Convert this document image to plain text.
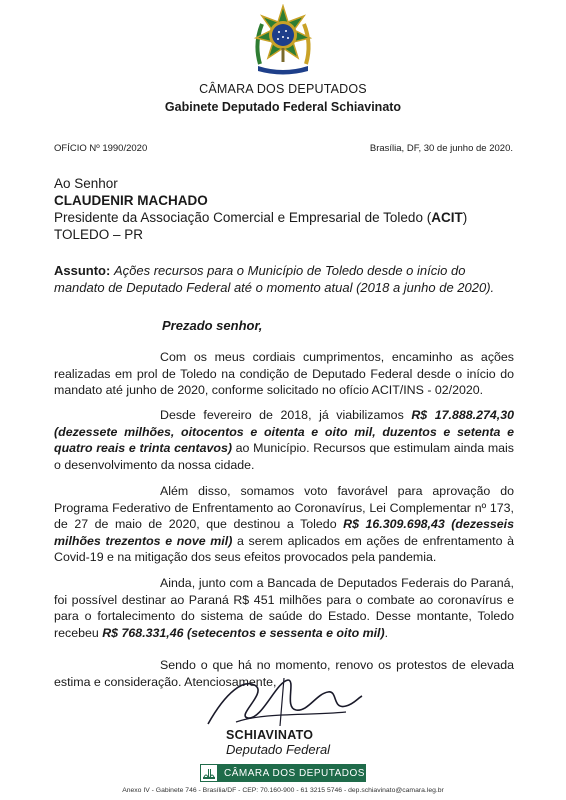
CÂMARA DOS DEPUTADOS
Gabinete Deputado Federal Schiavinato
OFÍCIO Nº 1990/2020	Brasília, DF, 30 de junho de 2020.
Ao Senhor
CLAUDENIR MACHADO
Presidente da Associação Comercial e Empresarial de Toledo (ACIT)
TOLEDO – PR
Assunto: Ações recursos para o Município de Toledo desde o início do mandato de Deputado Federal até o momento atual (2018 a junho de 2020).
Prezado senhor,
Com os meus cordiais cumprimentos, encaminho as ações realizadas em prol de Toledo na condição de Deputado Federal desde o início do mandato até junho de 2020, conforme solicitado no ofício ACIT/INS - 02/2020.
Desde fevereiro de 2018, já viabilizamos R$ 17.888.274,30 (dezessete milhões, oitocentos e oitenta e oito mil, duzentos e setenta e quatro reais e trinta centavos) ao Município. Recursos que estimulam ainda mais o desenvolvimento da nossa cidade.
Além disso, somamos voto favorável para aprovação do Programa Federativo de Enfrentamento ao Coronavírus, Lei Complementar nº 173, de 27 de maio de 2020, que destinou a Toledo R$ 16.309.698,43 (dezesseis milhões trezentos e nove mil) a serem aplicados em ações de enfrentamento à Covid-19 e na mitigação dos seus efeitos provocados pela pandemia.
Ainda, junto com a Bancada de Deputados Federais do Paraná, foi possível destinar ao Paraná R$ 451 milhões para o combate ao coronavírus e para o fortalecimento do sistema de saúde do Estado. Desse montante, Toledo recebeu R$ 768.331,46 (setecentos e sessenta e oito mil).
Sendo o que há no momento, renovo os protestos de elevada estima e consideração. Atenciosamente,
SCHIAVINATO
Deputado Federal
CÂMARA DOS DEPUTADOS
Anexo IV - Gabinete 746 - Brasília/DF - CEP: 70.160-900 - 61 3215 5746 - dep.schiavinato@camara.leg.br
